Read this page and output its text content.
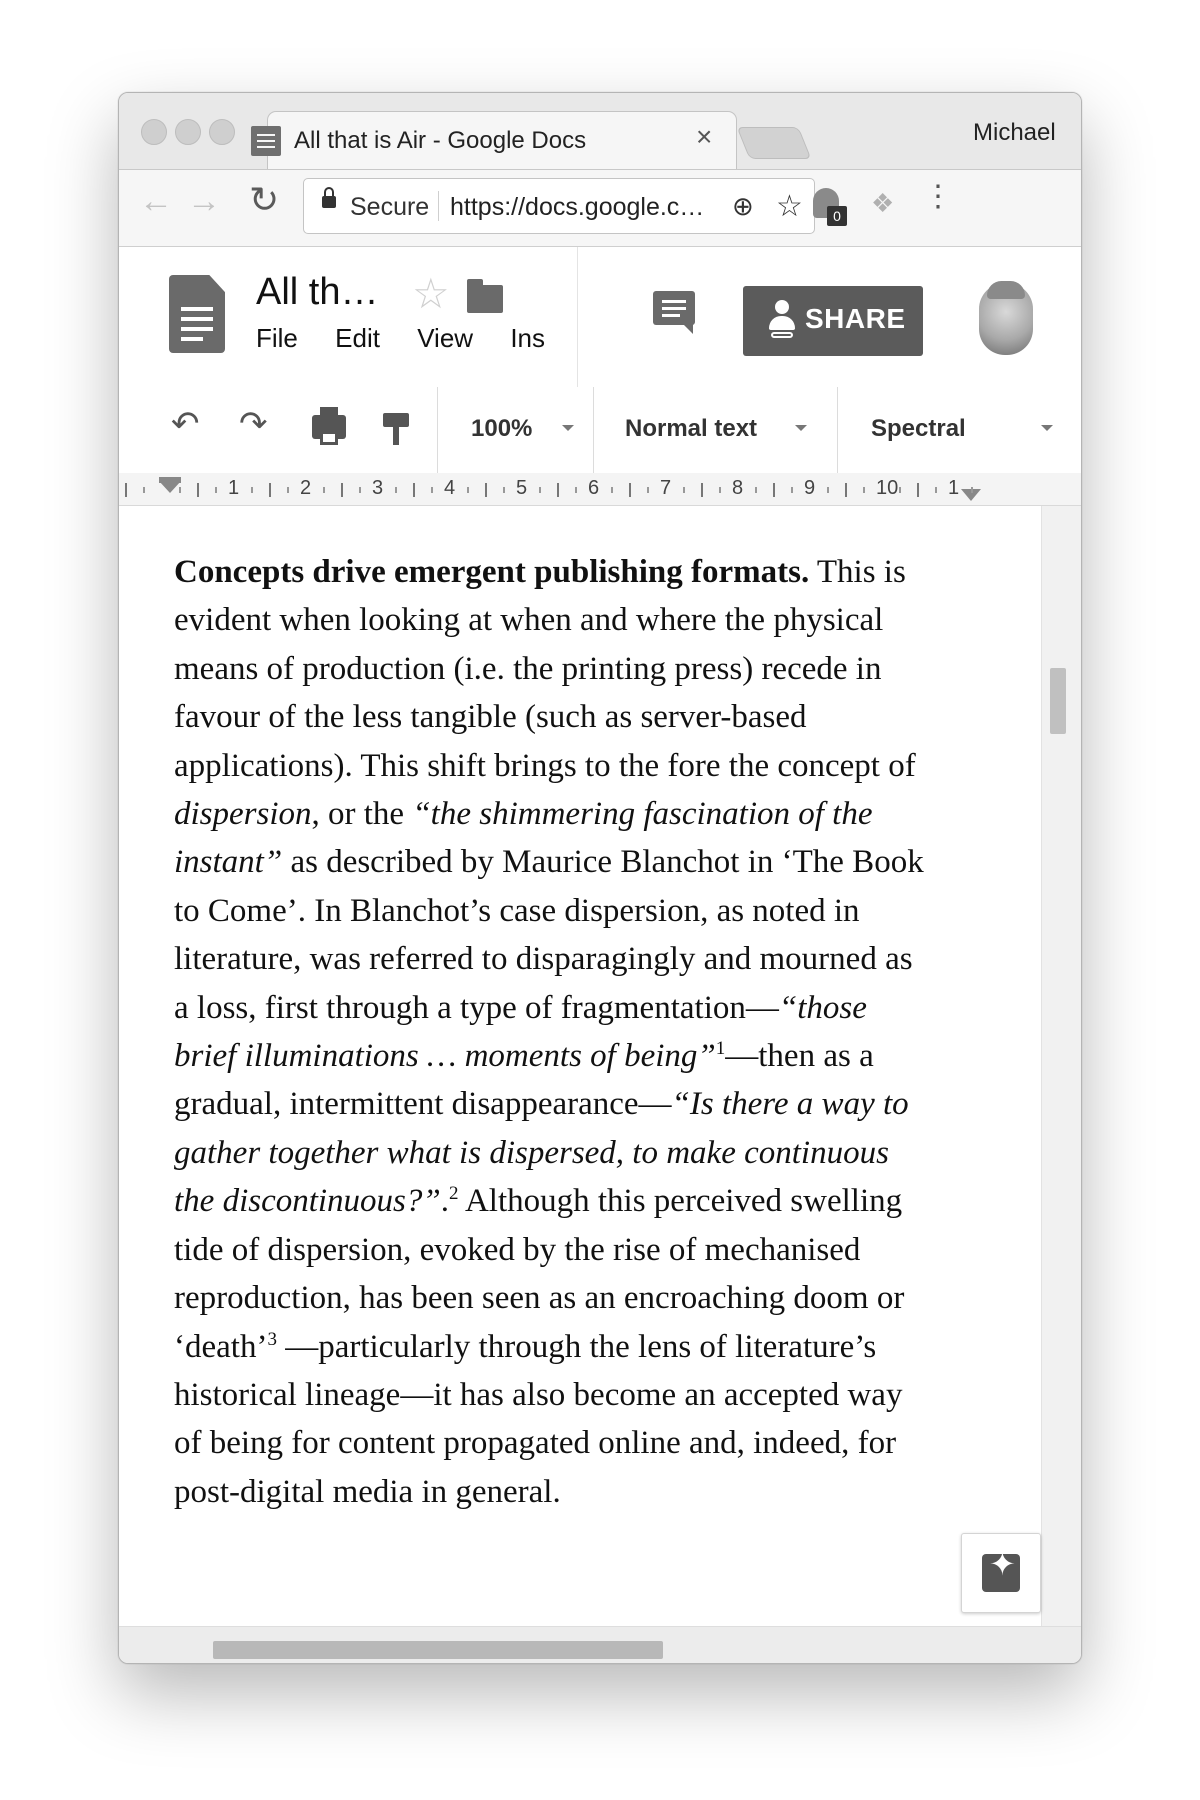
All that is Air - Google Docs	×	Michael
← → ↻	Secure https://docs.google.c…	⊕ ☆	0 ❖ ⋮
All th… ☆
File Edit View Ins
SHARE
↶ ↷	100%	Normal text	Spectral
1	2	3	4	5	6	7	8	9	10 1

Concepts drive emergent publishing formats. This is evident when looking at when and where the physical means of production (i.e. the printing press) recede in favour of the less tangible (such as server-based applications). This shift brings to the fore the concept of dispersion, or the “the shimmering fascination of the instant” as described by Maurice Blanchot in ‘The Book to Come’. In Blanchot’s case dispersion, as noted in literature, was referred to disparagingly and mourned as a loss, first through a type of fragmentation—“those brief illuminations … moments of being”$^1$—then as a gradual, intermittent disappearance—“Is there a way to gather together what is dispersed, to make continuous the discontinuous?”.$^2$ Although this perceived swelling tide of dispersion, evoked by the rise of mechanised reproduction, has been seen as an encroaching doom or ‘death’$^3$ —particularly through the lens of literature’s historical lineage—it has also become an accepted way of being for content propagated online and, indeed, for post-digital media in general.

✦
